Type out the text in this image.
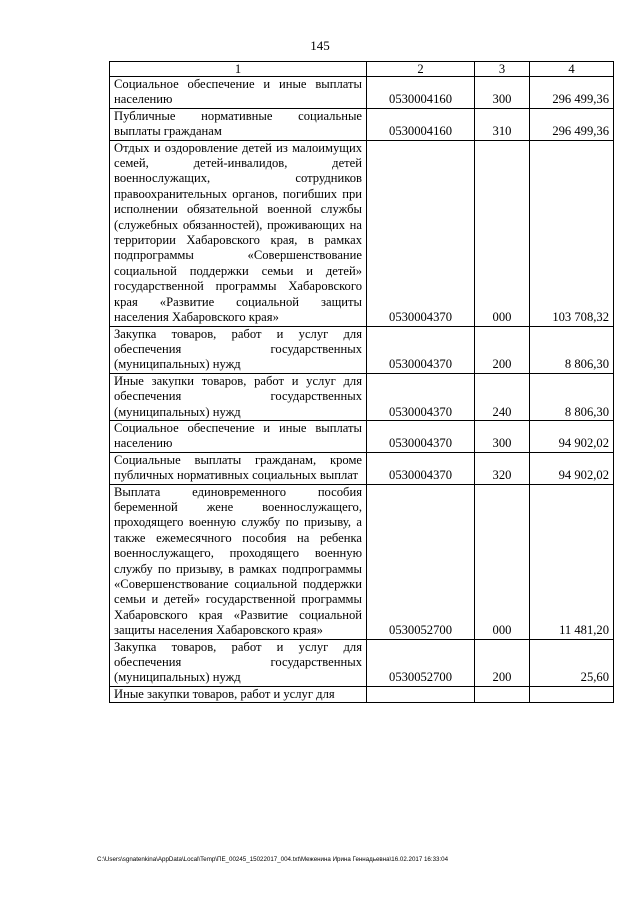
145
1	2	3	4
Социальное обеспечение и иные выплаты населению	0530004160	300	296 499,36
Публичные нормативные социальные выплаты гражданам	0530004160	310	296 499,36
Отдых и оздоровление детей из малоимущих семей, детей-инвалидов, детей военнослужащих, сотрудников правоохранительных органов, погибших при исполнении обязательной военной службы (служебных обязанностей), проживающих на территории Хабаровского края, в рамках подпрограммы «Совершенствование социальной поддержки семьи и детей» государственной программы Хабаровского края «Развитие социальной защиты населения Хабаровского края»	0530004370	000	103 708,32
Закупка товаров, работ и услуг для обеспечения государственных (муниципальных) нужд	0530004370	200	8 806,30
Иные закупки товаров, работ и услуг для обеспечения государственных (муниципальных) нужд	0530004370	240	8 806,30
Социальное обеспечение и иные выплаты населению	0530004370	300	94 902,02
Социальные выплаты гражданам, кроме публичных нормативных социальных выплат	0530004370	320	94 902,02
Выплата единовременного пособия беременной жене военнослужащего, проходящего военную службу по призыву, а также ежемесячного пособия на ребенка военнослужащего, проходящего военную службу по призыву, в рамках подпрограммы «Совершенствование социальной поддержки семьи и детей» государственной программы Хабаровского края «Развитие социальной защиты населения Хабаровского края»	0530052700	000	11 481,20
Закупка товаров, работ и услуг для обеспечения государственных (муниципальных) нужд	0530052700	200	25,60
Иные закупки товаров, работ и услуг для			
C:\Users\sgnatenkina\AppData\Local\Temp\ПЕ_00245_15022017_004.txt\Меженина Ирина Геннадьевна\16.02.2017 16:33:04
